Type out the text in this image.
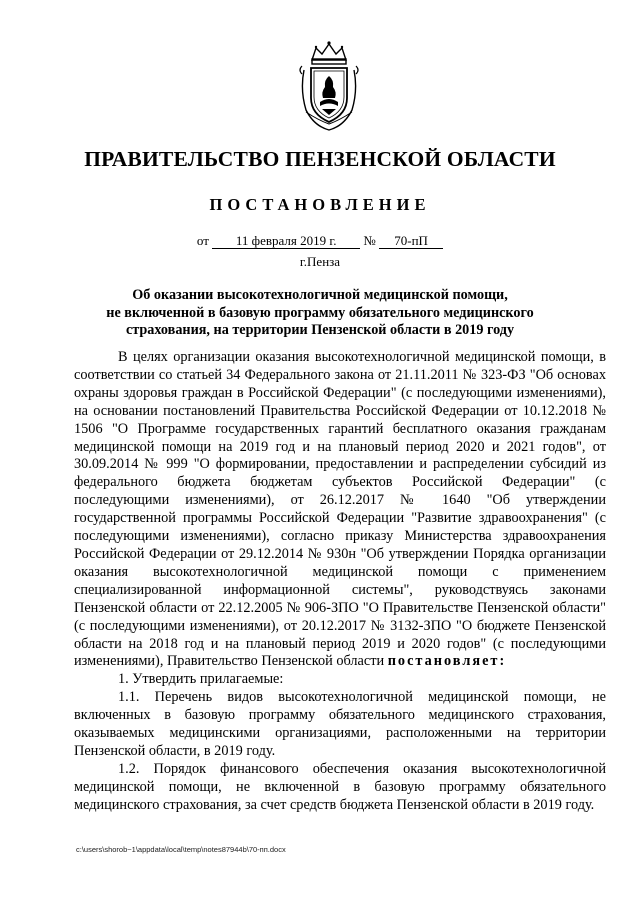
ПРАВИТЕЛЬСТВО ПЕНЗЕНСКОЙ ОБЛАСТИ
ПОСТАНОВЛЕНИЕ
от 11 февраля 2019 г. № 70-пП
г.Пенза
Об оказании высокотехнологичной медицинской помощи,
не включенной в базовую программу обязательного медицинского
страхования, на территории Пензенской области в 2019 году

В целях организации оказания высокотехнологичной медицинской помощи, в соответствии со статьей 34 Федерального закона от 21.11.2011 № 323-ФЗ "Об основах охраны здоровья граждан в Российской Федерации" (с последующими изменениями), на основании постановлений Правительства Российской Федерации от 10.12.2018 № 1506 "О Программе государственных гарантий бесплатного оказания гражданам медицинской помощи на 2019 год и на плановый период 2020 и 2021 годов", от 30.09.2014 № 999 "О формировании, предоставлении и распределении субсидий из федерального бюджета бюджетам субъектов Российской Федерации" (с последующими изменениями), от 26.12.2017 № 1640 "Об утверждении государственной программы Российской Федерации "Развитие здравоохранения" (с последующими изменениями), согласно приказу Министерства здравоохранения Российской Федерации от 29.12.2014 № 930н "Об утверждении Порядка организации оказания высокотехнологичной медицинской помощи с применением специализированной информационной системы", руководствуясь законами Пензенской области от 22.12.2005 № 906-ЗПО "О Правительстве Пензенской области" (с последующими изменениями), от 20.12.2017 № 3132-ЗПО "О бюджете Пензенской области на 2018 год и на плановый период 2019 и 2020 годов" (с последующими изменениями), Правительство Пензенской области постановляет:

1. Утвердить прилагаемые:

1.1. Перечень видов высокотехнологичной медицинской помощи, не включенных в базовую программу обязательного медицинского страхования, оказываемых медицинскими организациями, расположенными на территории Пензенской области, в 2019 году.

1.2. Порядок финансового обеспечения оказания высокотехнологичной медицинской помощи, не включенной в базовую программу обязательного медицинского страхования, за счет средств бюджета Пензенской области в 2019 году.

c:\users\shorob~1\appdata\local\temp\notes87944b\70-пп.docx
